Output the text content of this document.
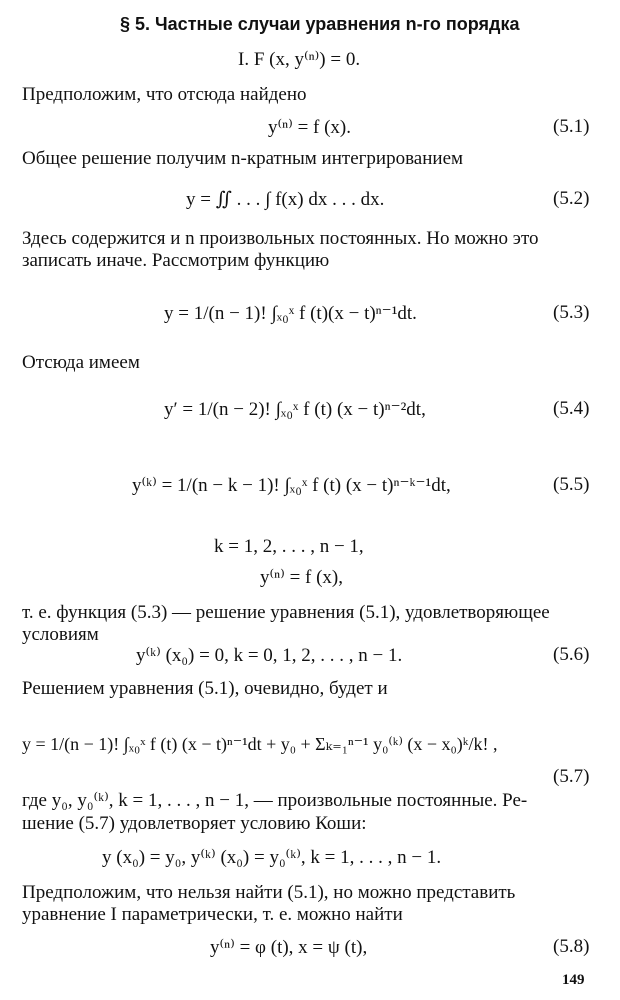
§ 5. Частные случаи уравнения n-го порядка
I. F (x, y⁽ⁿ⁾) = 0.
Предположим, что отсюда найдено
y⁽ⁿ⁾ = f (x).	(5.1)
Общее решение получим n-кратным интегрированием
y = ∬ . . . ∫ f(x) dx . . . dx.	(5.2)
Здесь содержится и n произвольных постоянных. Но можно это
записать иначе. Рассмотрим функцию
y = 1/(n − 1)! ∫ₓ₀ˣ f (t)(x − t)ⁿ⁻¹dt.	(5.3)
Отсюда имеем
y′ = 1/(n − 2)! ∫ₓ₀ˣ f (t) (x − t)ⁿ⁻²dt,	(5.4)
y⁽ᵏ⁾ = 1/(n − k − 1)! ∫ₓ₀ˣ f (t) (x − t)ⁿ⁻ᵏ⁻¹dt,	(5.5)
k = 1, 2, . . . , n − 1,
y⁽ⁿ⁾ = f (x),
т. е. функция (5.3) — решение уравнения (5.1), удовлетворяющее
условиям
y⁽ᵏ⁾ (x₀) = 0, k = 0, 1, 2, . . . , n − 1.	(5.6)
Решением уравнения (5.1), очевидно, будет и
y = 1/(n − 1)! ∫ₓ₀ˣ f (t) (x − t)ⁿ⁻¹dt + y₀ + Σₖ₌₁ⁿ⁻¹ y₀⁽ᵏ⁾ (x − x₀)ᵏ/k! ,
(5.7)
где y₀, y₀⁽ᵏ⁾, k = 1, . . . , n − 1, — произвольные постоянные. Ре-
шение (5.7) удовлетворяет условию Коши:
y (x₀) = y₀, y⁽ᵏ⁾ (x₀) = y₀⁽ᵏ⁾, k = 1, . . . , n − 1.
Предположим, что нельзя найти (5.1), но можно представить
уравнение I параметрически, т. е. можно найти
y⁽ⁿ⁾ = φ (t), x = ψ (t),	(5.8)
149
